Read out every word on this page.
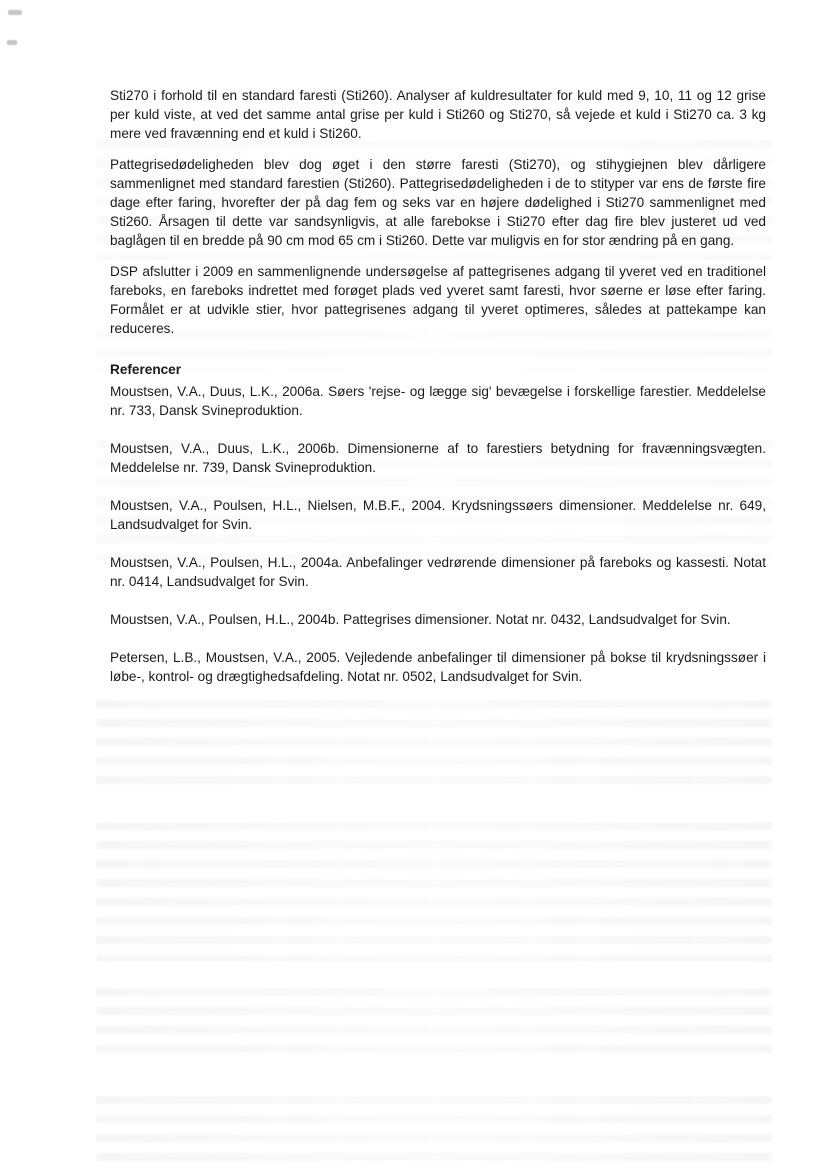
Sti270 i forhold til en standard faresti (Sti260). Analyser af kuldresultater for kuld med 9, 10, 11 og 12 grise per kuld viste, at ved det samme antal grise per kuld i Sti260 og Sti270, så vejede et kuld i Sti270 ca. 3 kg mere ved fravænning end et kuld i Sti260.

Pattegrisedødeligheden blev dog øget i den større faresti (Sti270), og stihygiejnen blev dårligere sammenlignet med standard farestien (Sti260). Pattegrisedødeligheden i de to stityper var ens de første fire dage efter faring, hvorefter der på dag fem og seks var en højere dødelighed i Sti270 sammenlignet med Sti260. Årsagen til dette var sandsynligvis, at alle farebokse i Sti270 efter dag fire blev justeret ud ved baglågen til en bredde på 90 cm mod 65 cm i Sti260. Dette var muligvis en for stor ændring på en gang.

DSP afslutter i 2009 en sammenlignende undersøgelse af pattegrisenes adgang til yveret ved en traditionel fareboks, en fareboks indrettet med forøget plads ved yveret samt faresti, hvor søerne er løse efter faring. Formålet er at udvikle stier, hvor pattegrisenes adgang til yveret optimeres, således at pattekampe kan reduceres.

Referencer

Moustsen, V.A., Duus, L.K., 2006a. Søers 'rejse- og lægge sig' bevægelse i forskellige farestier. Meddelelse nr. 733, Dansk Svineproduktion.

Moustsen, V.A., Duus, L.K., 2006b. Dimensionerne af to farestiers betydning for fravænningsvægten. Meddelelse nr. 739, Dansk Svineproduktion.

Moustsen, V.A., Poulsen, H.L., Nielsen, M.B.F., 2004. Krydsningssøers dimensioner. Meddelelse nr. 649, Landsudvalget for Svin.

Moustsen, V.A., Poulsen, H.L., 2004a. Anbefalinger vedrørende dimensioner på fareboks og kassesti. Notat nr. 0414, Landsudvalget for Svin.

Moustsen, V.A., Poulsen, H.L., 2004b. Pattegrises dimensioner. Notat nr. 0432, Landsudvalget for Svin.

Petersen, L.B., Moustsen, V.A., 2005. Vejledende anbefalinger til dimensioner på bokse til krydsningssøer i løbe-, kontrol- og drægtighedsafdeling. Notat nr. 0502, Landsudvalget for Svin.
